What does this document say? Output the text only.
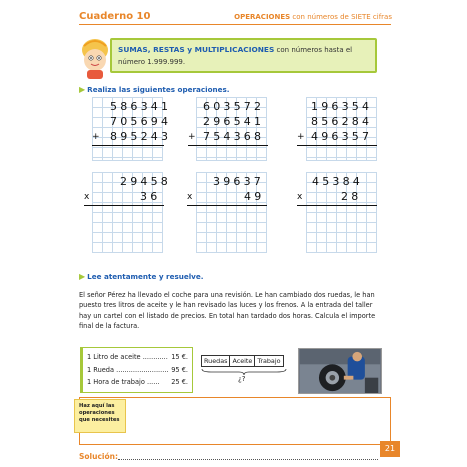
Cuaderno 10	OPERACIONES con números de SIETE cifras
SUMAS, RESTAS y MULTIPLICACIONES con números hasta el
número 1.999.999.
▶ Realiza las siguientes operaciones.
586341
705694
+ 895243
603572
296541
+ 754368
196354
856284
+ 496357
29458
x	36
39637
x	49
45384
x	28
▶ Lee atentamente y resuelve.
El señor Pérez ha llevado el coche para una revisión. Le han cambiado dos ruedas, le han puesto tres litros de aceite y le han revisado las luces y los frenos. A la entrada del taller hay un cartel con el listado de precios. En total han tardado dos horas. Calcula el importe final de la factura.
1 Litro de aceite ............ 15 €.
1 Rueda ......................... 95 €.
1 Hora de trabajo ...... 25 €.
Ruedas Aceite Trabajo
¿?
Haz aquí las operaciones que necesites
Solución:
21
